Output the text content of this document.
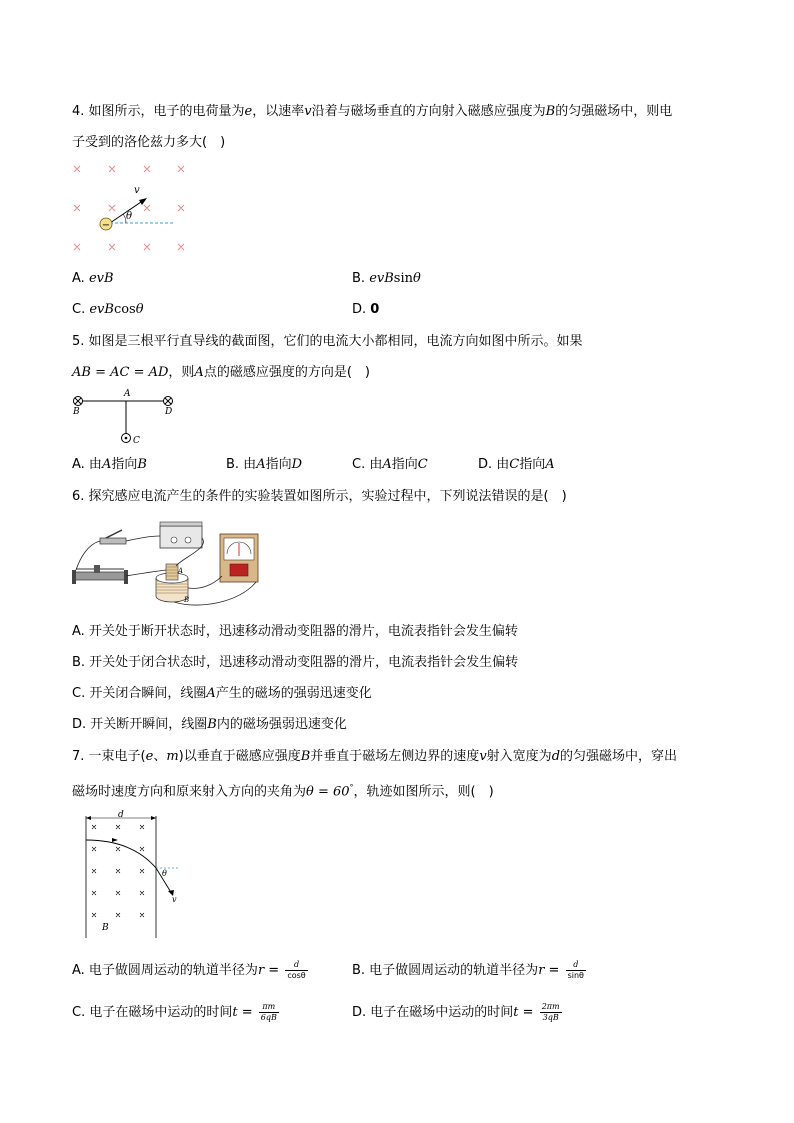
4. 如图所示，电子的电荷量为e，以速率v沿着与磁场垂直的方向射入磁感应强度为B的匀强磁场中，则电
子受到的洛伦兹力多大(　)
−
v
θ
A. evB	B. evBsinθ
C. evBcosθ	D. 0
5. 如图是三根平行直导线的截面图，它们的电流大小都相同，电流方向如图中所示。如果
AB = AC = AD，则A点的磁感应强度的方向是(　)
A
B	D
C
A. 由A指向B	B. 由A指向D	C. 由A指向C	D. 由C指向A
6. 探究感应电流产生的条件的实验装置如图所示，实验过程中，下列说法错误的是(　)
A
B
A. 开关处于断开状态时，迅速移动滑动变阻器的滑片，电流表指针会发生偏转
B. 开关处于闭合状态时，迅速移动滑动变阻器的滑片，电流表指针会发生偏转
C. 开关闭合瞬间，线圈A产生的磁场的强弱迅速变化
D. 开关断开瞬间，线圈B内的磁场强弱迅速变化
7. 一束电子(e、m)以垂直于磁感应强度B并垂直于磁场左侧边界的速度v射入宽度为d的匀强磁场中，穿出
磁场时速度方向和原来射入方向的夹角为θ = 60°，轨迹如图所示，则(　)
d
θ
v
B
A. 电子做圆周运动的轨道半径为$r = \frac{d}{\cos\theta}$	B. 电子做圆周运动的轨道半径为$r = \frac{d}{\sin\theta}$
C. 电子在磁场中运动的时间$t = \frac{\pi m}{6qB}$	D. 电子在磁场中运动的时间$t = \frac{2\pi m}{3qB}$
